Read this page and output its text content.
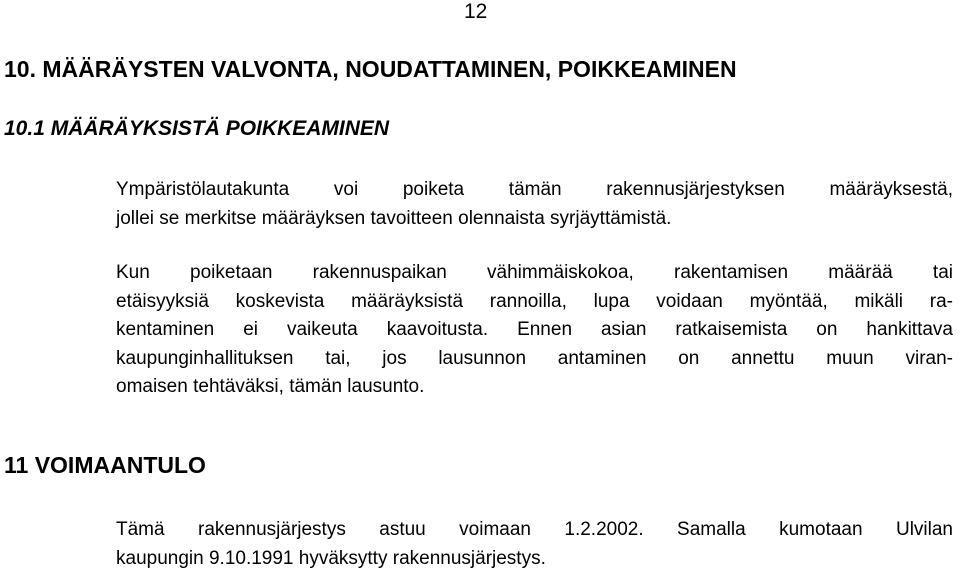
12
10. MÄÄRÄYSTEN VALVONTA, NOUDATTAMINEN, POIKKEAMINEN
10.1 MÄÄRÄYKSISTÄ POIKKEAMINEN

Ympäristölautakunta voi poiketa tämän rakennusjärjestyksen määräyksestä,
jollei se merkitse määräyksen tavoitteen olennaista syrjäyttämistä.

Kun poiketaan rakennuspaikan vähimmäiskokoa, rakentamisen määrää tai
etäisyyksiä koskevista määräyksistä rannoilla, lupa voidaan myöntää, mikäli ra-
kentaminen ei vaikeuta kaavoitusta. Ennen asian ratkaisemista on hankittava
kaupunginhallituksen tai, jos lausunnon antaminen on annettu muun viran-
omaisen tehtäväksi, tämän lausunto.

11 VOIMAANTULO

Tämä rakennusjärjestys astuu voimaan 1.2.2002. Samalla kumotaan Ulvilan
kaupungin 9.10.1991 hyväksytty rakennusjärjestys.
